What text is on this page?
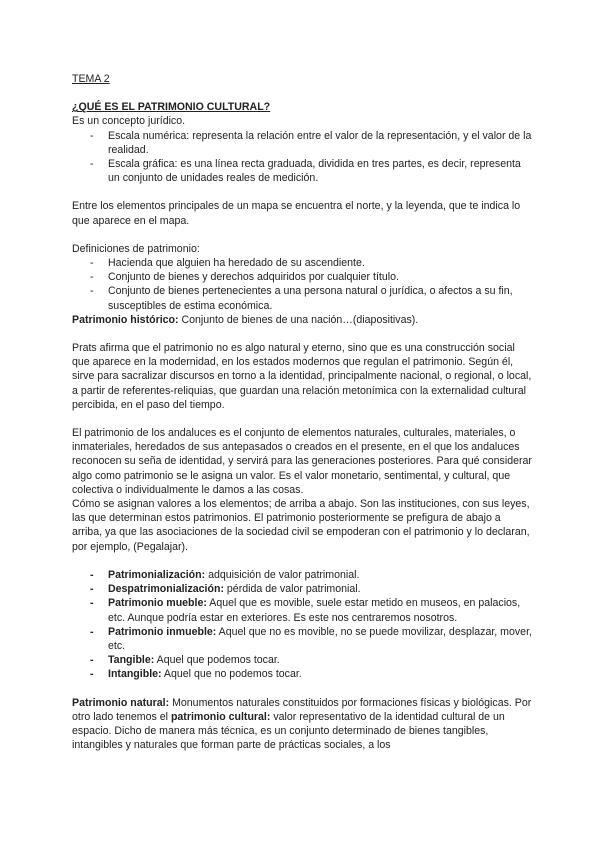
TEMA 2

¿QUÉ ES EL PATRIMONIO CULTURAL?

Es un concepto jurídico.

- Escala numérica: representa la relación entre el valor de la representación, y el valor de la realidad.
- Escala gráfica: es una línea recta graduada, dividida en tres partes, es decir, representa un conjunto de unidades reales de medición.

Entre los elementos principales de un mapa se encuentra el norte, y la leyenda, que te indica lo que aparece en el mapa.

Definiciones de patrimonio:

- Hacienda que alguien ha heredado de su ascendiente.
- Conjunto de bienes y derechos adquiridos por cualquier título.
- Conjunto de bienes pertenecientes a una persona natural o jurídica, o afectos a su fin, susceptibles de estima económica.

Patrimonio histórico: Conjunto de bienes de una nación…(diapositivas).

Prats afirma que el patrimonio no es algo natural y eterno, sino que es una construcción social que aparece en la modernidad, en los estados modernos que regulan el patrimonio. Según él, sirve para sacralizar discursos en torno a la identidad, principalmente nacional, o regional, o local, a partir de referentes-reliquias, que guardan una relación metonímica con la externalidad cultural percibida, en el paso del tiempo.

El patrimonio de los andaluces es el conjunto de elementos naturales, culturales, materiales, o inmateriales, heredados de sus antepasados o creados en el presente, en el que los andaluces reconocen su seña de identidad, y servirá para las generaciones posteriores. Para qué considerar algo como patrimonio se le asigna un valor. Es el valor monetario, sentimental, y cultural, que colectiva o individualmente le damos a las cosas.

Cómo se asignan valores a los elementos; de arriba a abajo. Son las instituciones, con sus leyes, las que determinan estos patrimonios. El patrimonio posteriormente se prefigura de abajo a arriba, ya que las asociaciones de la sociedad civil se empoderan con el patrimonio y lo declaran, por ejemplo, (Pegalajar).

- Patrimonialización: adquisición de valor patrimonial.
- Despatrimonialización: pérdida de valor patrimonial.
- Patrimonio mueble: Aquel que es movible, suele estar metido en museos, en palacios, etc. Aunque podría estar en exteriores. Es este nos centraremos nosotros.
- Patrimonio inmueble: Aquel que no es movible, no se puede movilizar, desplazar, mover, etc.
- Tangible: Aquel que podemos tocar.
- Intangible: Aquel que no podemos tocar.

Patrimonio natural: Monumentos naturales constituidos por formaciones físicas y biológicas. Por otro lado tenemos el patrimonio cultural: valor representativo de la identidad cultural de un espacio. Dicho de manera más técnica, es un conjunto determinado de bienes tangibles, intangibles y naturales que forman parte de prácticas sociales, a los
